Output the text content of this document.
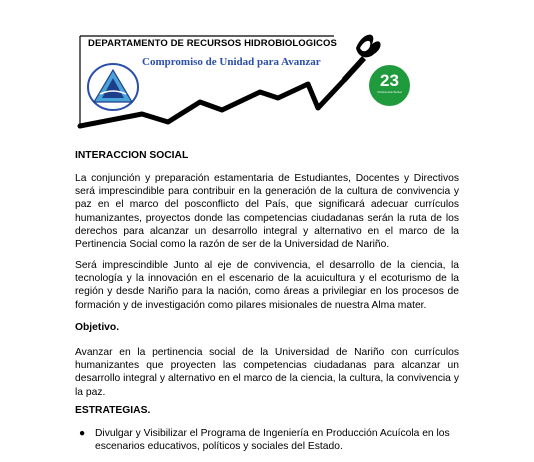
DEPARTAMENTO DE RECURSOS HIDROBIOLOGICOS
Compromiso de Unidad para Avanzar
23
Pertinencia Social
INTERACCION SOCIAL
La conjunción y preparación estamentaria de Estudiantes, Docentes y Directivos será imprescindible para contribuir en la generación de la cultura de convivencia y paz en el marco del posconflicto del País, que significará adecuar currículos humanizantes, proyectos donde las competencias ciudadanas serán la ruta de los derechos para alcanzar un desarrollo integral y alternativo en el marco de la Pertinencia Social como la razón de ser de la Universidad de Nariño.
Será imprescindible Junto al eje de convivencia, el desarrollo de la ciencia, la tecnología y la innovación en el escenario de la acuicultura y el ecoturismo de la región y desde Nariño para la nación, como áreas a privilegiar en los procesos de formación y de investigación como pilares misionales de nuestra Alma mater.
Objetivo.
Avanzar en la pertinencia social de la Universidad de Nariño con currículos humanizantes que proyecten las competencias ciudadanas para alcanzar un desarrollo integral y alternativo en el marco de la ciencia, la cultura, la convivencia y la paz.
ESTRATEGIAS.
● Divulgar y Visibilizar el Programa de Ingeniería en Producción Acuícola en los escenarios educativos, políticos y sociales del Estado.
